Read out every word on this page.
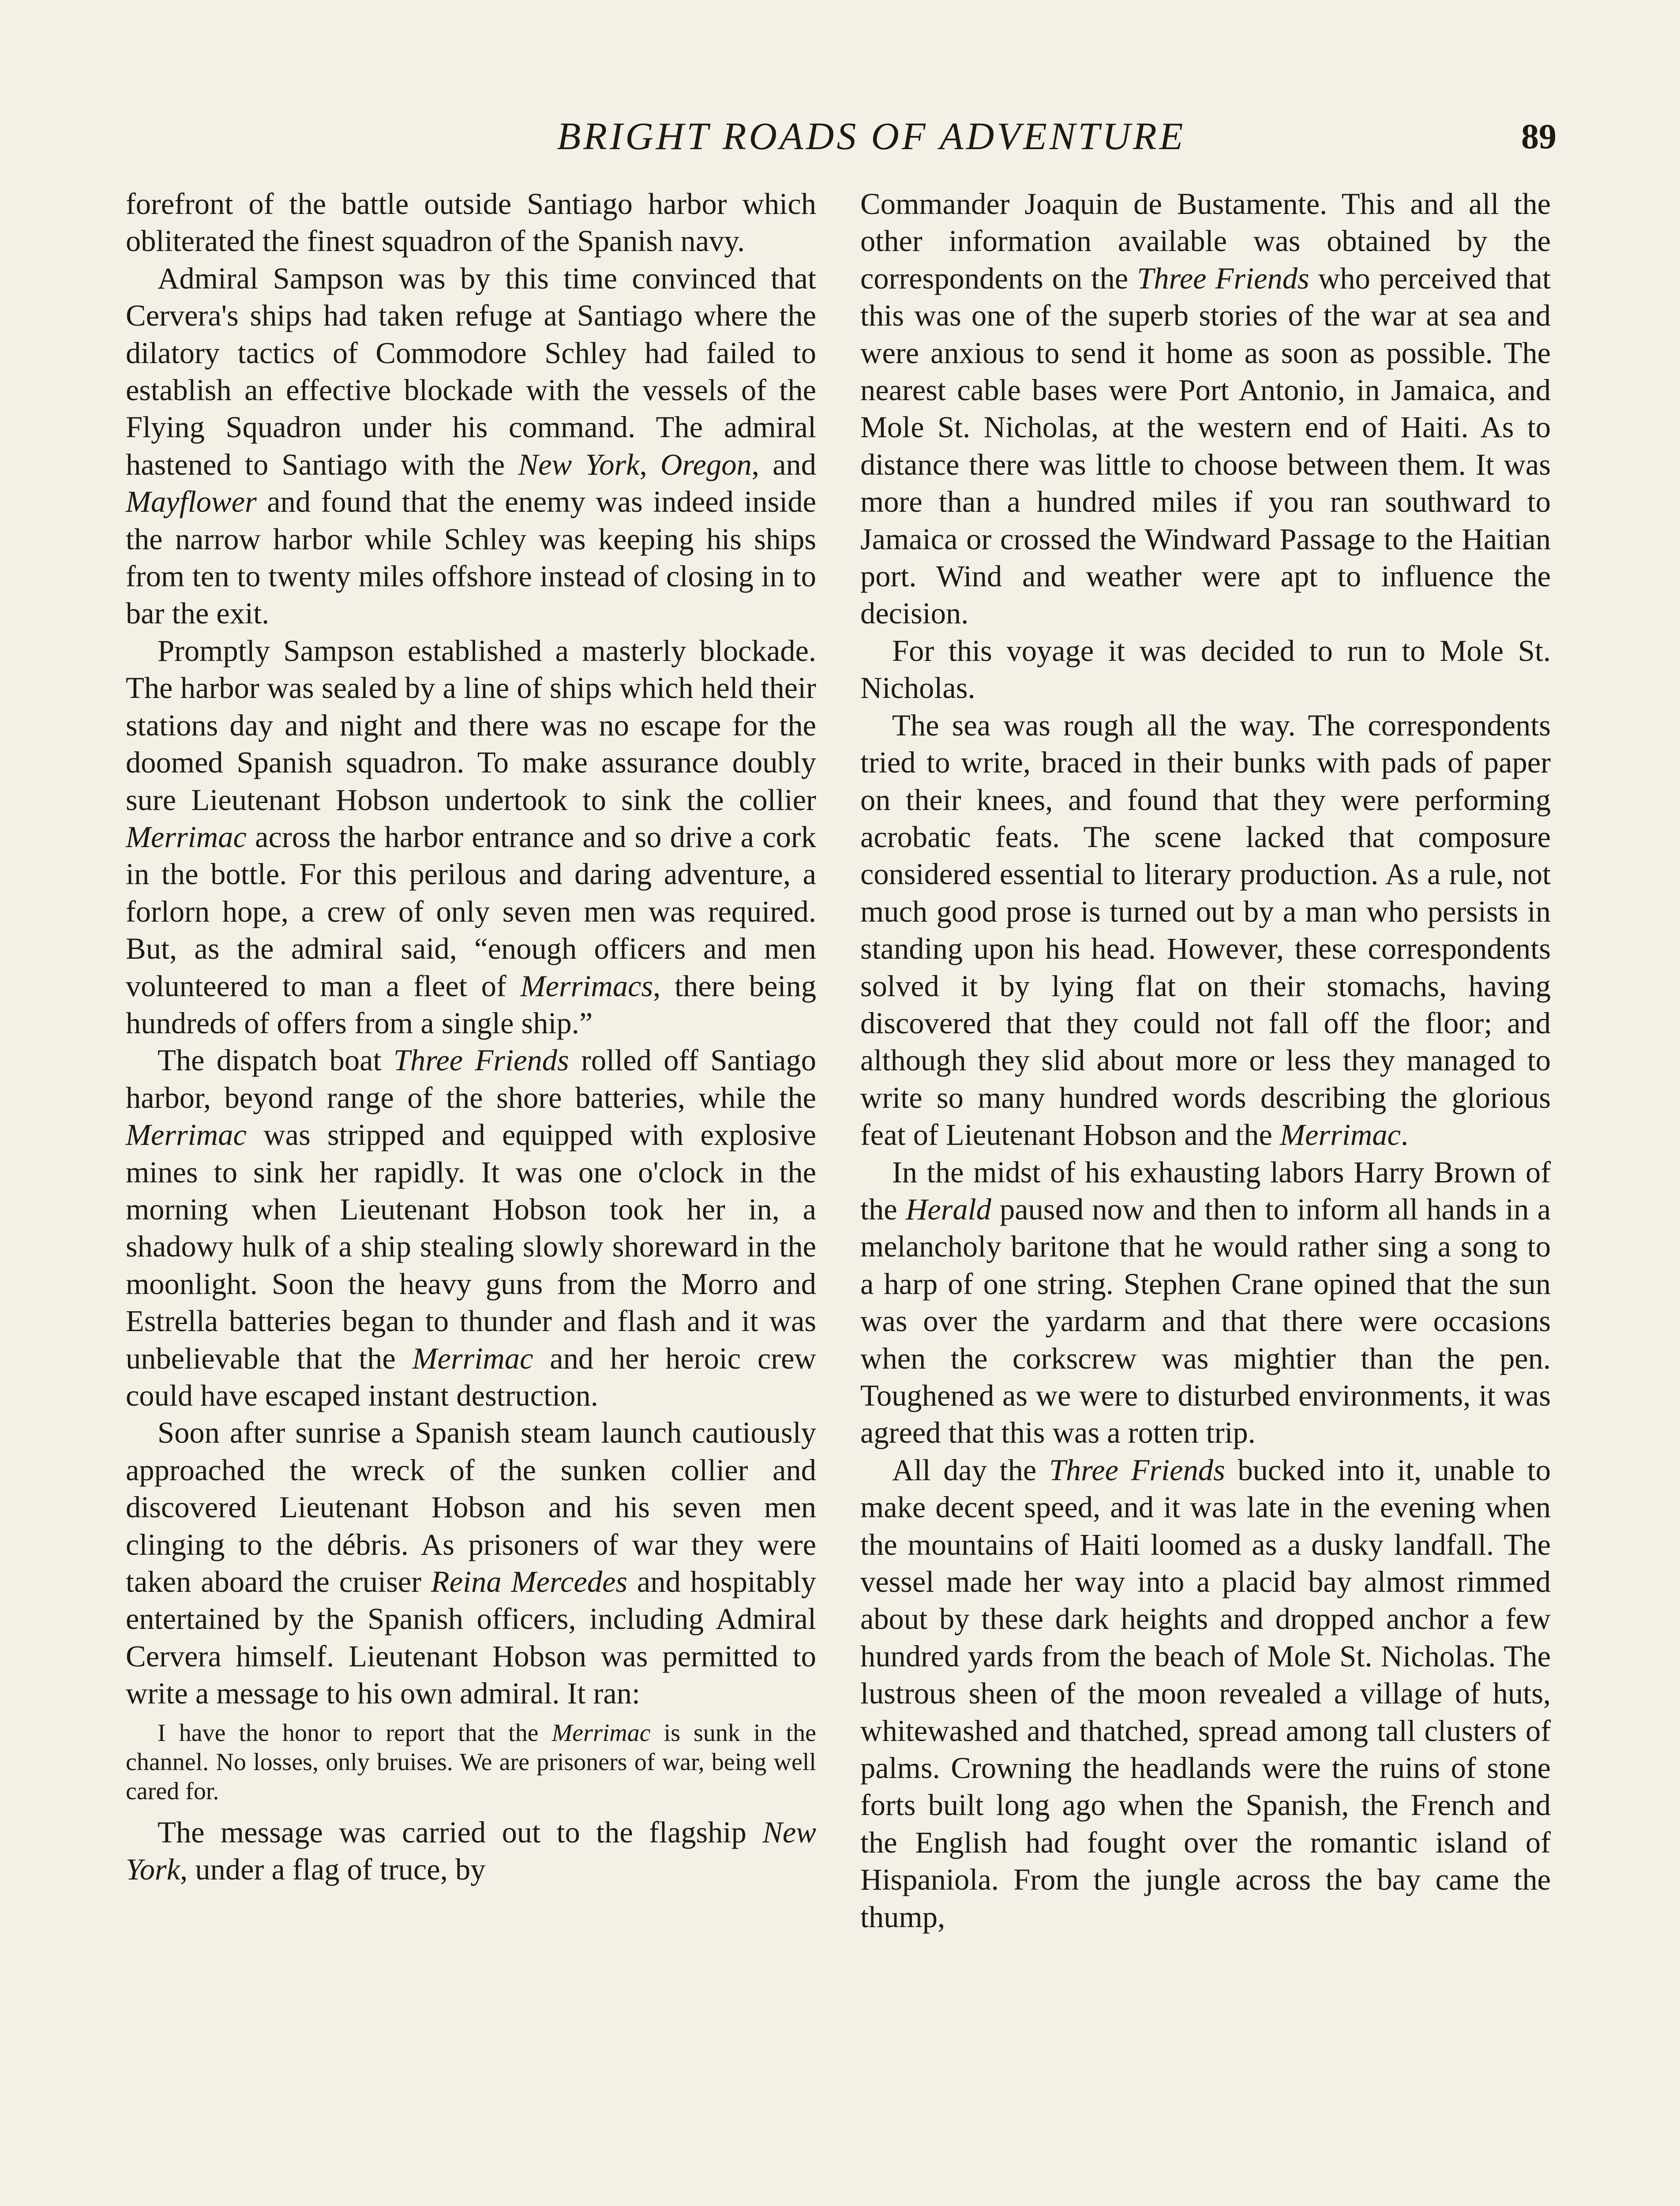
BRIGHT ROADS OF ADVENTURE	89

forefront of the battle outside Santiago harbor which obliterated the finest squadron of the Spanish navy.

Admiral Sampson was by this time convinced that Cervera's ships had taken refuge at Santiago where the dilatory tactics of Commodore Schley had failed to establish an effective blockade with the vessels of the Flying Squadron under his command. The admiral hastened to Santiago with the New York, Oregon, and Mayflower and found that the enemy was indeed inside the narrow harbor while Schley was keeping his ships from ten to twenty miles offshore instead of closing in to bar the exit.

Promptly Sampson established a masterly blockade. The harbor was sealed by a line of ships which held their stations day and night and there was no escape for the doomed Spanish squadron. To make assurance doubly sure Lieutenant Hobson undertook to sink the collier Merrimac across the harbor entrance and so drive a cork in the bottle. For this perilous and daring adventure, a forlorn hope, a crew of only seven men was required. But, as the admiral said, “enough officers and men volunteered to man a fleet of Merrimacs, there being hundreds of offers from a single ship.”

The dispatch boat Three Friends rolled off Santiago harbor, beyond range of the shore batteries, while the Merrimac was stripped and equipped with explosive mines to sink her rapidly. It was one o'clock in the morning when Lieutenant Hobson took her in, a shadowy hulk of a ship stealing slowly shoreward in the moonlight. Soon the heavy guns from the Morro and Estrella batteries began to thunder and flash and it was unbelievable that the Merrimac and her heroic crew could have escaped instant destruction.

Soon after sunrise a Spanish steam launch cautiously approached the wreck of the sunken collier and discovered Lieutenant Hobson and his seven men clinging to the débris. As prisoners of war they were taken aboard the cruiser Reina Mercedes and hospitably entertained by the Spanish officers, including Admiral Cervera himself. Lieutenant Hobson was permitted to write a message to his own admiral. It ran:

I have the honor to report that the Merrimac is sunk in the channel. No losses, only bruises. We are prisoners of war, being well cared for.

The message was carried out to the flagship New York, under a flag of truce, by

Commander Joaquin de Bustamente. This and all the other information available was obtained by the correspondents on the Three Friends who perceived that this was one of the superb stories of the war at sea and were anxious to send it home as soon as possible. The nearest cable bases were Port Antonio, in Jamaica, and Mole St. Nicholas, at the western end of Haiti. As to distance there was little to choose between them. It was more than a hundred miles if you ran southward to Jamaica or crossed the Windward Passage to the Haitian port. Wind and weather were apt to influence the decision.

For this voyage it was decided to run to Mole St. Nicholas.

The sea was rough all the way. The correspondents tried to write, braced in their bunks with pads of paper on their knees, and found that they were performing acrobatic feats. The scene lacked that composure considered essential to literary production. As a rule, not much good prose is turned out by a man who persists in standing upon his head. However, these correspondents solved it by lying flat on their stomachs, having discovered that they could not fall off the floor; and although they slid about more or less they managed to write so many hundred words describing the glorious feat of Lieutenant Hobson and the Merrimac.

In the midst of his exhausting labors Harry Brown of the Herald paused now and then to inform all hands in a melancholy baritone that he would rather sing a song to a harp of one string. Stephen Crane opined that the sun was over the yardarm and that there were occasions when the corkscrew was mightier than the pen. Toughened as we were to disturbed environments, it was agreed that this was a rotten trip.

All day the Three Friends bucked into it, unable to make decent speed, and it was late in the evening when the mountains of Haiti loomed as a dusky landfall. The vessel made her way into a placid bay almost rimmed about by these dark heights and dropped anchor a few hundred yards from the beach of Mole St. Nicholas. The lustrous sheen of the moon revealed a village of huts, whitewashed and thatched, spread among tall clusters of palms. Crowning the headlands were the ruins of stone forts built long ago when the Spanish, the French and the English had fought over the romantic island of Hispaniola. From the jungle across the bay came the thump,
